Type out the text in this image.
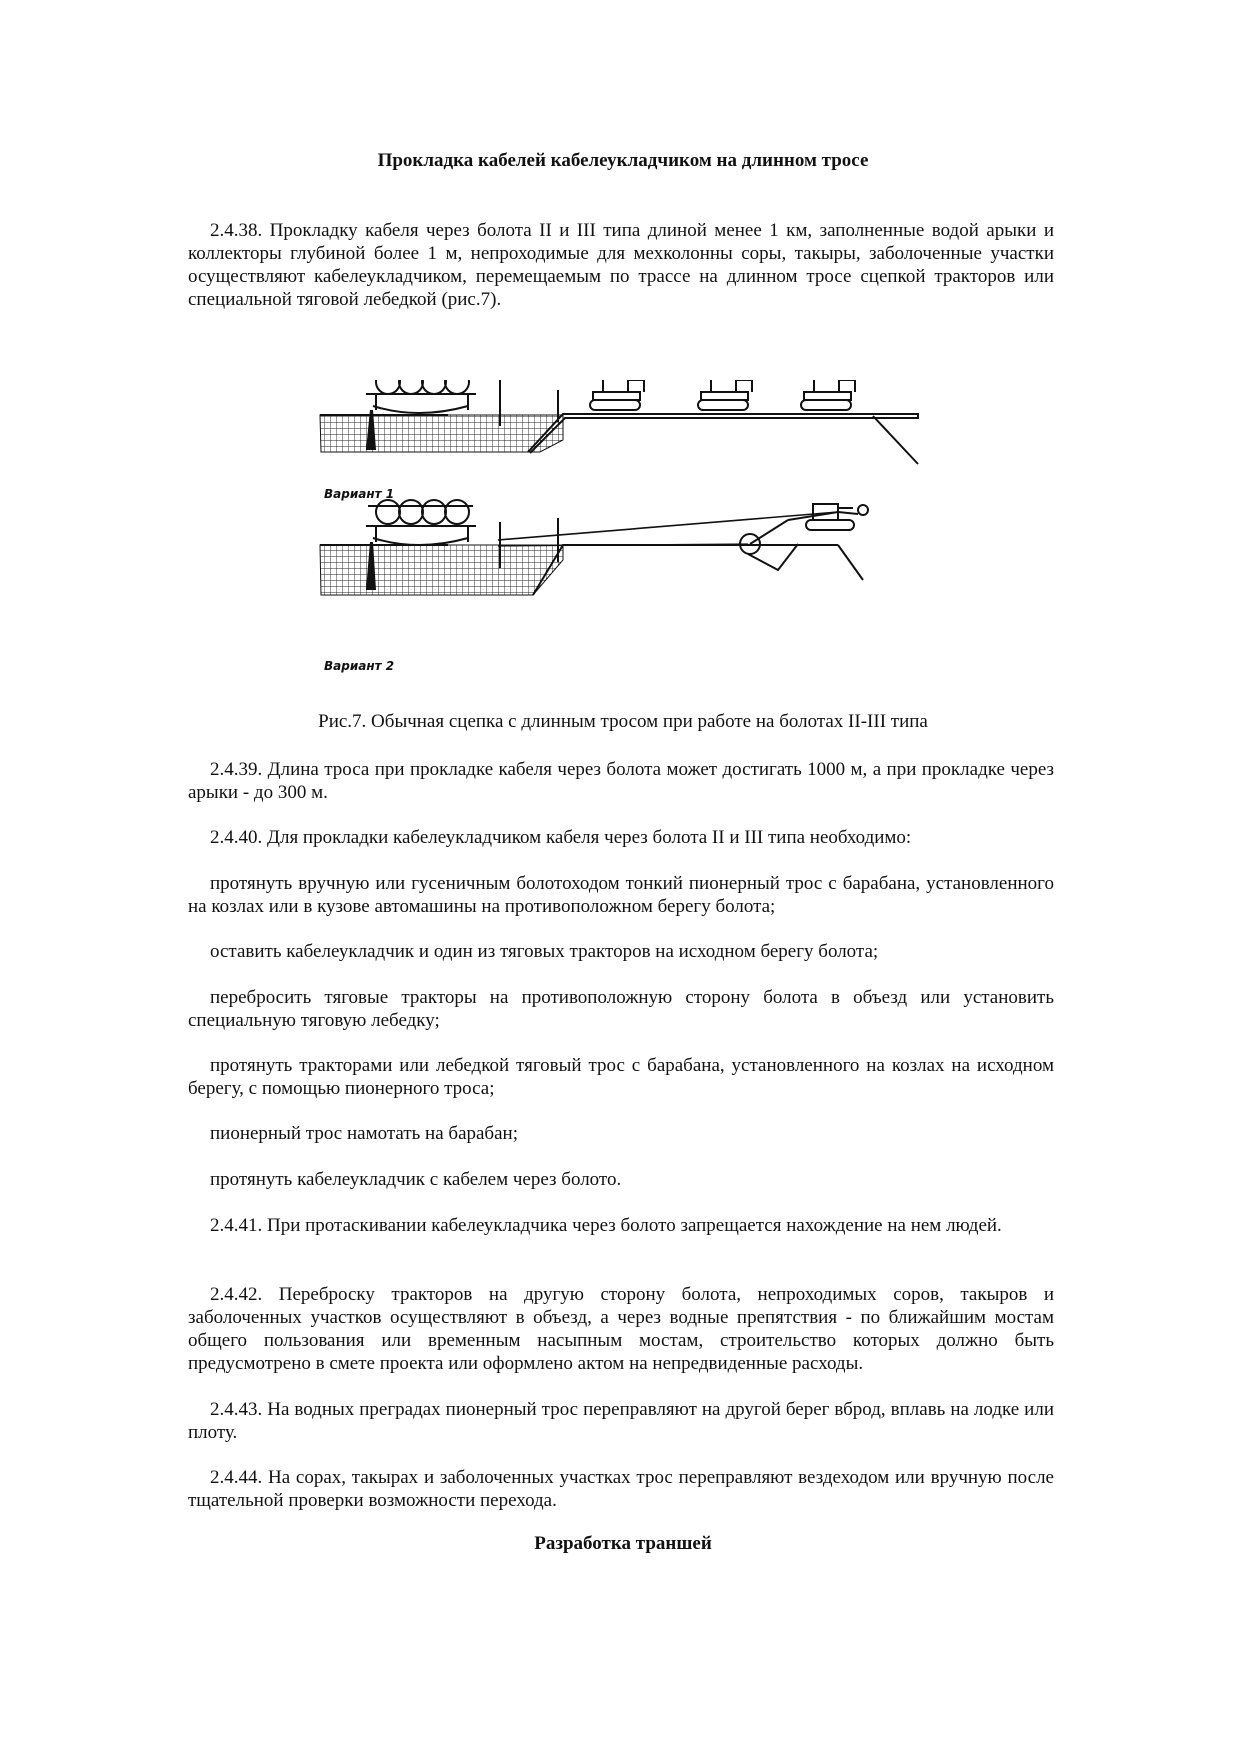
Прокладка кабелей кабелеукладчиком на длинном тросе

2.4.38. Прокладку кабеля через болота II и III типа длиной менее 1 км, заполненные водой арыки и коллекторы глубиной более 1 м, непроходимые для мехколонны соры, такыры, заболоченные участки осуществляют кабелеукладчиком, перемещаемым по трассе на длинном тросе сцепкой тракторов или специальной тяговой лебедкой (рис.7).

Вариант 1
Вариант 2
Рис.7. Обычная сцепка с длинным тросом при работе на болотах II-III типа

2.4.39. Длина троса при прокладке кабеля через болота может достигать 1000 м, а при прокладке через арыки - до 300 м.

2.4.40. Для прокладки кабелеукладчиком кабеля через болота II и III типа необходимо:

протянуть вручную или гусеничным болотоходом тонкий пионерный трос с барабана, установленного на козлах или в кузове автомашины на противоположном берегу болота;

оставить кабелеукладчик и один из тяговых тракторов на исходном берегу болота;

перебросить тяговые тракторы на противоположную сторону болота в объезд или установить специальную тяговую лебедку;

протянуть тракторами или лебедкой тяговый трос с барабана, установленного на козлах на исходном берегу, с помощью пионерного троса;

пионерный трос намотать на барабан;

протянуть кабелеукладчик с кабелем через болото.

2.4.41. При протаскивании кабелеукладчика через болото запрещается нахождение на нем людей.

2.4.42. Переброску тракторов на другую сторону болота, непроходимых соров, такыров и заболоченных участков осуществляют в объезд, а через водные препятствия - по ближайшим мостам общего пользования или временным насыпным мостам, строительство которых должно быть предусмотрено в смете проекта или оформлено актом на непредвиденные расходы.

2.4.43. На водных преградах пионерный трос переправляют на другой берег вброд, вплавь на лодке или плоту.

2.4.44. На сорах, такырах и заболоченных участках трос переправляют вездеходом или вручную после тщательной проверки возможности перехода.

Разработка траншей
